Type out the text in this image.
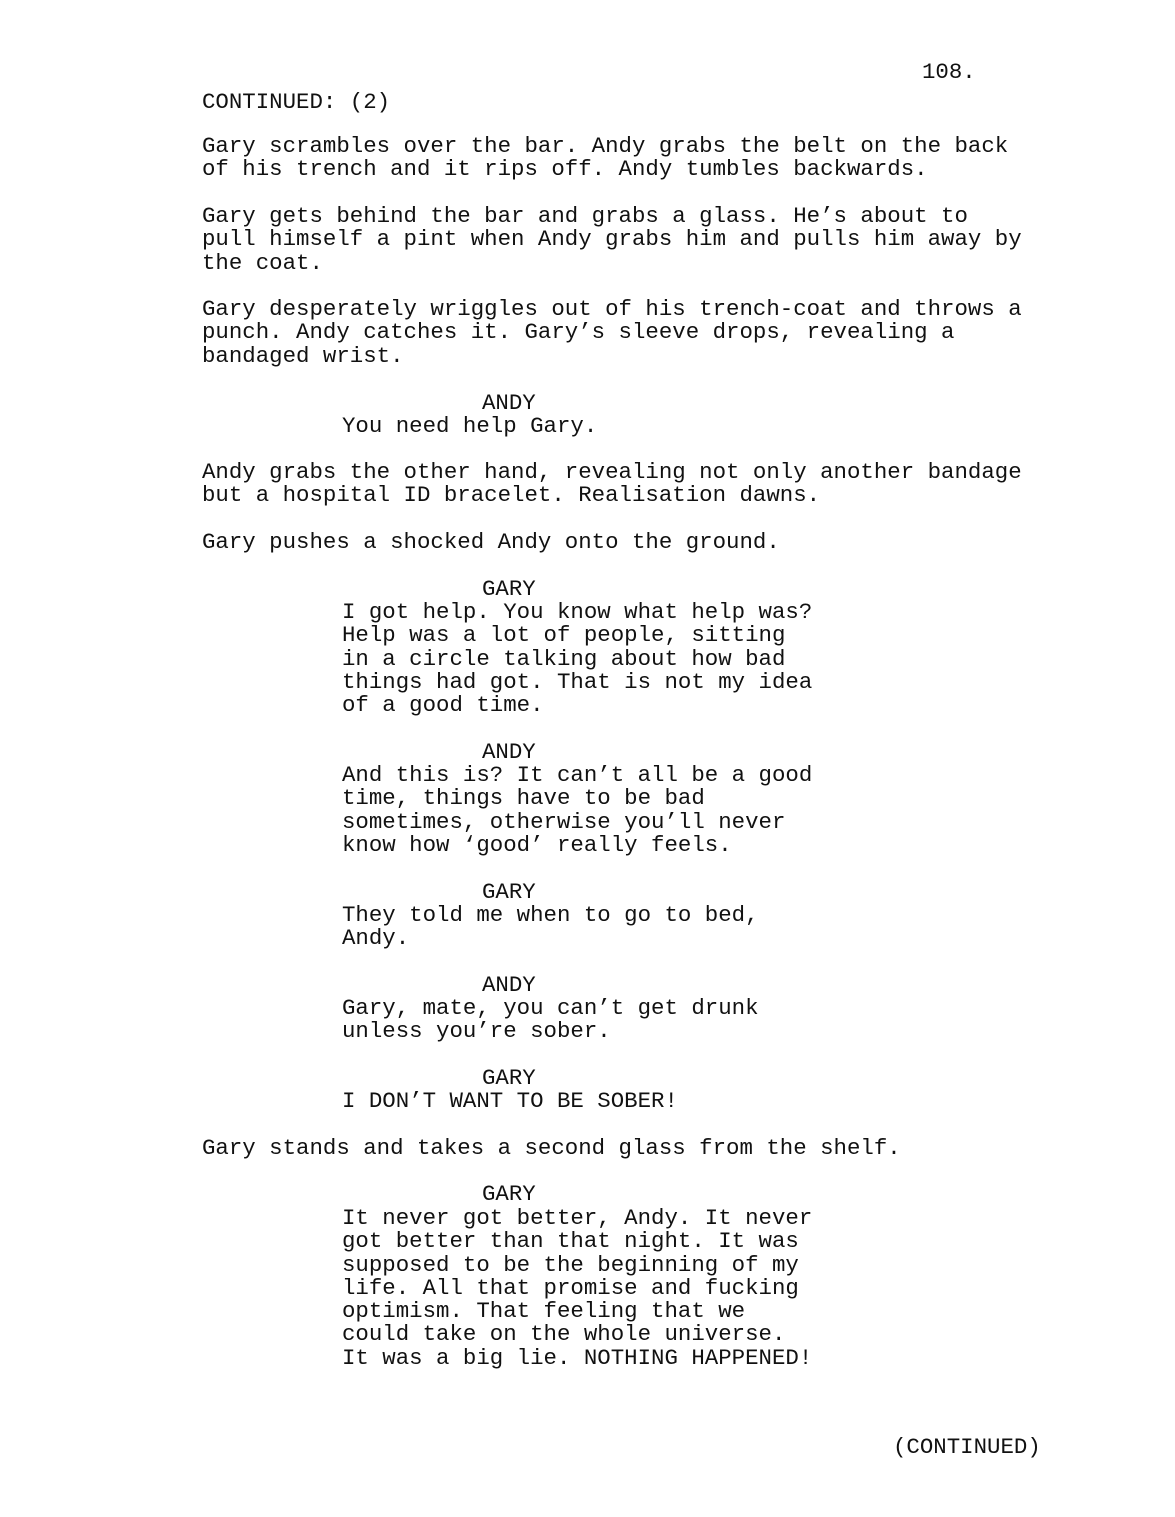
108.
CONTINUED: (2)
Gary scrambles over the bar. Andy grabs the belt on the back
of his trench and it rips off. Andy tumbles backwards.
Gary gets behind the bar and grabs a glass. He’s about to
pull himself a pint when Andy grabs him and pulls him away by
the coat.
Gary desperately wriggles out of his trench-coat and throws a
punch. Andy catches it. Gary’s sleeve drops, revealing a
bandaged wrist.
ANDY
You need help Gary.
Andy grabs the other hand, revealing not only another bandage
but a hospital ID bracelet. Realisation dawns.
Gary pushes a shocked Andy onto the ground.
GARY
I got help. You know what help was?
Help was a lot of people, sitting
in a circle talking about how bad
things had got. That is not my idea
of a good time.
ANDY
And this is? It can’t all be a good
time, things have to be bad
sometimes, otherwise you’ll never
know how ‘good’ really feels.
GARY
They told me when to go to bed,
Andy.
ANDY
Gary, mate, you can’t get drunk
unless you’re sober.
GARY
I DON’T WANT TO BE SOBER!
Gary stands and takes a second glass from the shelf.
GARY
It never got better, Andy. It never
got better than that night. It was
supposed to be the beginning of my
life. All that promise and fucking
optimism. That feeling that we
could take on the whole universe.
It was a big lie. NOTHING HAPPENED!
(CONTINUED)
